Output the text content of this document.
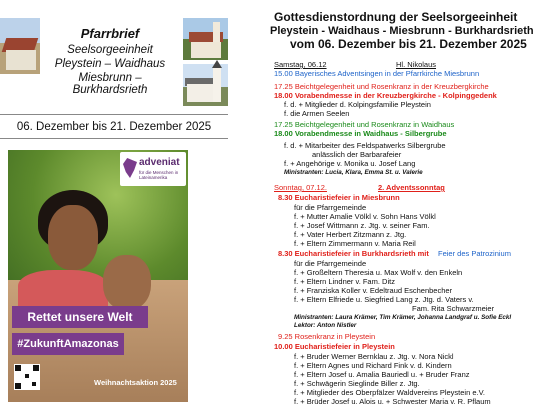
Pfarrbrief
Seelsorgeeinheit
Pleystein – Waidhaus
Miesbrunn – Burkhardsrieth
06. Dezember bis 21. Dezember 2025
adveniat
für die Menschen in Lateinamerika
Rettet unsere Welt
#ZukunftAmazonas
Weihnachtsaktion 2025
Gottesdienstordnung der Seelsorgeeinheit
Pleystein - Waidhaus - Miesbrunn - Burkhardsrieth
vom 06. Dezember bis 21. Dezember 2025
Samstag, 06.12	Hl. Nikolaus
15.00 Bayerisches Adventsingen in der Pfarrkirche Miesbrunn
17.25 Beichtgelegenheit und Rosenkranz in der Kreuzbergkirche
18.00 Vorabendmesse in der Kreuzbergkirche - Kolpinggedenk
f. d. + Mitglieder d. Kolpingsfamilie Pleystein
f. die Armen Seelen
17.25 Beichtgelegenheit und Rosenkranz in Waidhaus
18.00 Vorabendmesse in Waidhaus - Silbergrube
f. d. + Mitarbeiter des Feldspatwerks Silbergrube
anlässlich der Barbarafeier
f. + Angehörige v. Monika u. Josef Lang
Ministranten: Lucia, Klara, Emma St. u. Valerie
Sonntag, 07.12.	2. Adventssonntag
8.30 Eucharistiefeier in Miesbrunn
für die Pfarrgemeinde
f. + Mutter Amalie Völkl v. Sohn Hans Völkl
f. + Josef Wittmann z. Jtg. v. seiner Fam.
f. + Vater Herbert Zitzmann z. Jtg.
f. + Eltern Zimmermann v. Maria Reil
8.30 Eucharistiefeier in Burkhardsrieth mit Feier des Patrozinium
für die Pfarrgemeinde
f. + Großeltern Theresia u. Max Wolf v. den Enkeln
f. + Eltern Lindner v. Fam. Ditz
f. + Franziska Koller v. Edeltraud Eschenbecher
f. + Eltern Elfriede u. Siegfried Lang z. Jtg. d. Vaters v.
Fam. Rita Schwarzmeier
Ministranten: Laura Krämer, Tim Krämer, Johanna Landgraf u. Sofie Eckl
Lektor: Anton Nistler
9.25 Rosenkranz in Pleystein
10.00 Eucharistiefeier in Pleystein
f. + Bruder Werner Bernklau z. Jtg. v. Nora Nickl
f. + Eltern Agnes und Richard Fink v. d. Kindern
f. + Eltern Josef u. Amalia Bauriedl u. + Bruder Franz
f. + Schwägerin Sieglinde Biller z. Jtg.
f. + Mitglieder des Oberpfälzer Waldvereins Pleystein e.V.
f. + Brüder Josef u. Alois u. + Schwester Maria v. R. Pflaum
